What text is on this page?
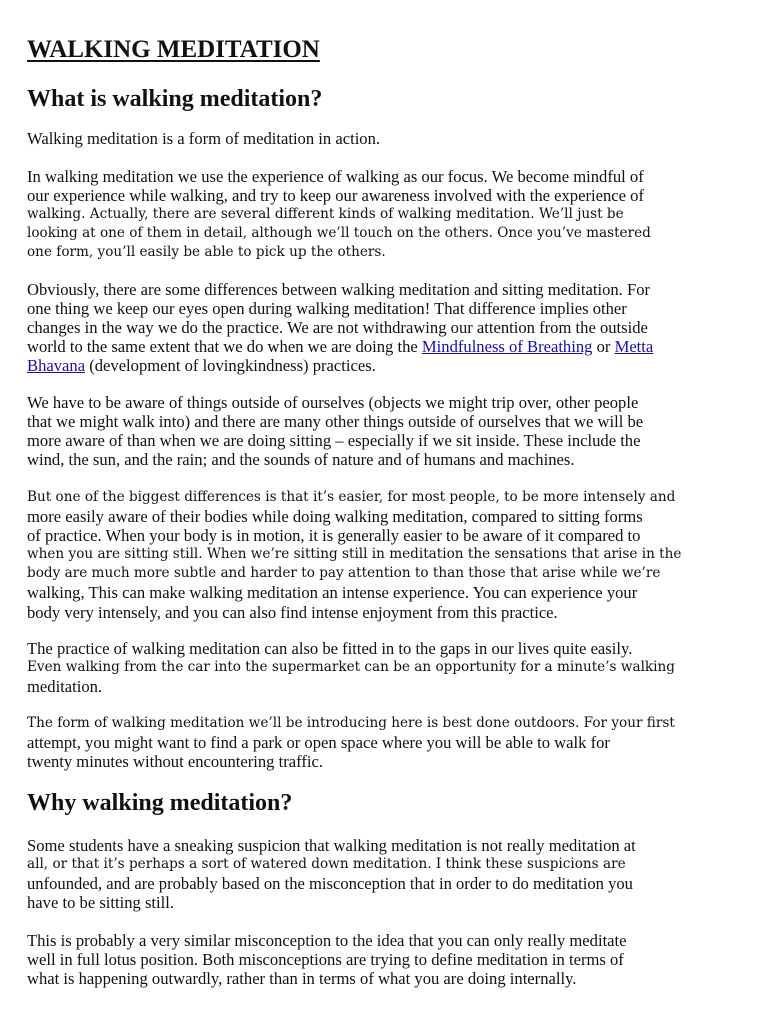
WALKING MEDITATION
What is walking meditation?

Walking meditation is a form of meditation in action.

In walking meditation we use the experience of walking as our focus. We become mindful of
our experience while walking, and try to keep our awareness involved with the experience of
walking. Actually, there are several different kinds of walking meditation. We’ll just be
looking at one of them in detail, although we’ll touch on the others. Once you’ve mastered
one form, you’ll easily be able to pick up the others.

Obviously, there are some differences between walking meditation and sitting meditation. For
one thing we keep our eyes open during walking meditation! That difference implies other
changes in the way we do the practice. We are not withdrawing our attention from the outside
world to the same extent that we do when we are doing the Mindfulness of Breathing or Metta
Bhavana (development of lovingkindness) practices.

We have to be aware of things outside of ourselves (objects we might trip over, other people
that we might walk into) and there are many other things outside of ourselves that we will be
more aware of than when we are doing sitting – especially if we sit inside. These include the
wind, the sun, and the rain; and the sounds of nature and of humans and machines.

But one of the biggest differences is that it’s easier, for most people, to be more intensely and
more easily aware of their bodies while doing walking meditation, compared to sitting forms
of practice. When your body is in motion, it is generally easier to be aware of it compared to
when you are sitting still. When we’re sitting still in meditation the sensations that arise in the
body are much more subtle and harder to pay attention to than those that arise while we’re
walking, This can make walking meditation an intense experience. You can experience your
body very intensely, and you can also find intense enjoyment from this practice.

The practice of walking meditation can also be fitted in to the gaps in our lives quite easily.
Even walking from the car into the supermarket can be an opportunity for a minute’s walking
meditation.

The form of walking meditation we’ll be introducing here is best done outdoors. For your first
attempt, you might want to find a park or open space where you will be able to walk for
twenty minutes without encountering traffic.

Why walking meditation?

Some students have a sneaking suspicion that walking meditation is not really meditation at
all, or that it’s perhaps a sort of watered down meditation. I think these suspicions are
unfounded, and are probably based on the misconception that in order to do meditation you
have to be sitting still.

This is probably a very similar misconception to the idea that you can only really meditate
well in full lotus position. Both misconceptions are trying to define meditation in terms of
what is happening outwardly, rather than in terms of what you are doing internally.
